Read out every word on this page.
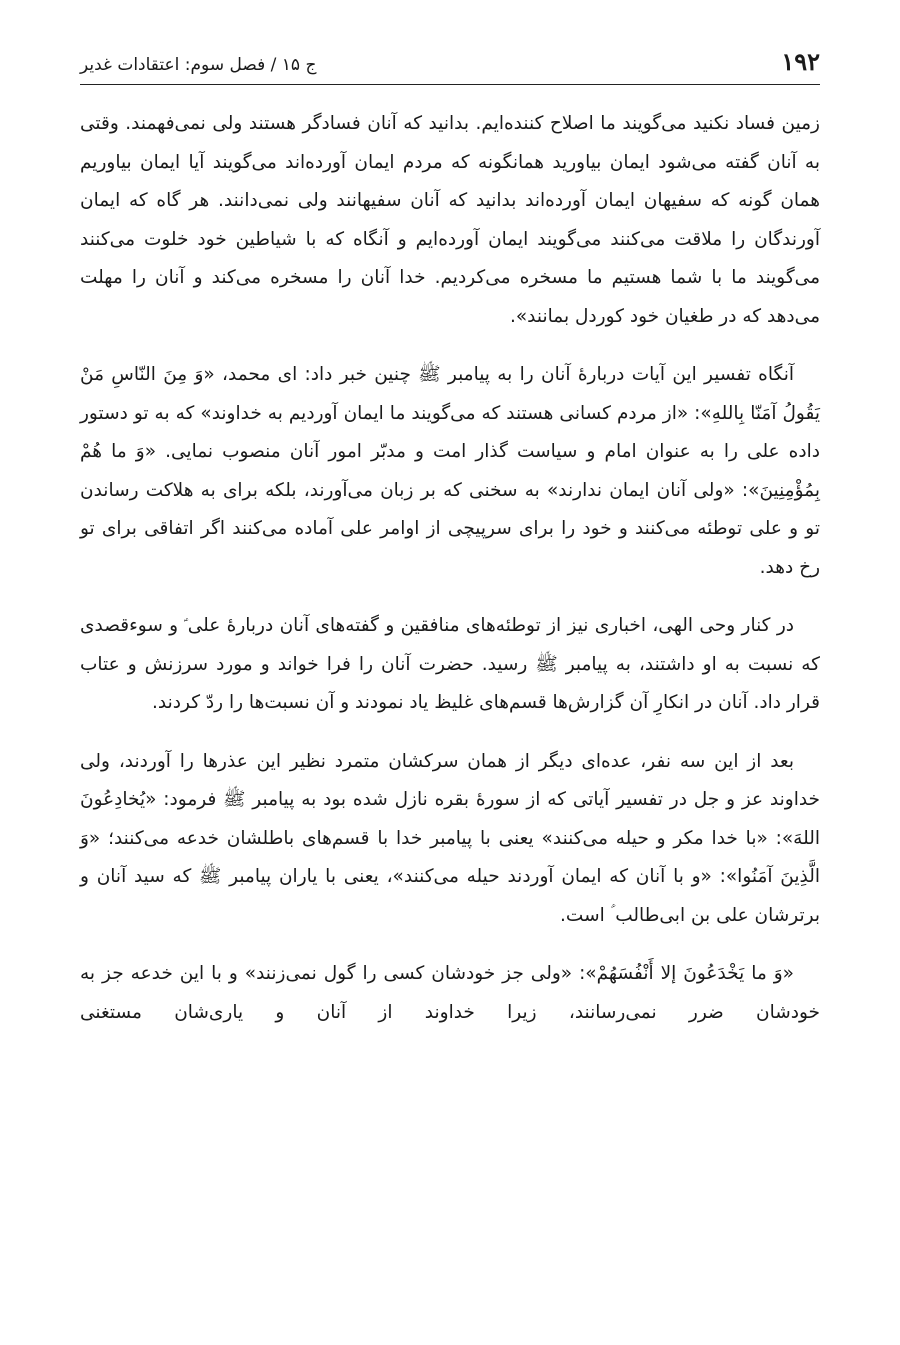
۱۹۲
ج ۱۵ / فصل سوم: اعتقادات غدیر

زمین فساد نکنید می‌گویند ما اصلاح کننده‌ایم. بدانید که آنان فسادگر هستند ولی نمی‌فهمند. وقتی به آنان گفته می‌شود ایمان بیاورید همانگونه که مردم ایمان آورده‌اند می‌گویند آیا ایمان بیاوریم همان گونه که سفیهان ایمان آورده‌اند بدانید که آنان سفیهانند ولی نمی‌دانند. هر گاه که ایمان آورندگان را ملاقت می‌کنند می‌گویند ایمان آورده‌ایم و آنگاه که با شیاطین خود خلوت می‌کنند می‌گویند ما با شما هستیم ما مسخره می‌کردیم. خدا آنان را مسخره می‌کند و آنان را مهلت می‌دهد که در طغیان خود کوردل بمانند».

آنگاه تفسیر این آیات دربارهٔ آنان را به پیامبر ﷺ چنین خبر داد: ای محمد، «وَ مِنَ النّاسِ مَنْ یَقُولُ آمَنّا بِاللهِ»: «از مردم کسانی هستند که می‌گویند ما ایمان آوردیم به خداوند» که به تو دستور داده علی را به عنوان امام و سیاست گذار امت و مدبّر امور آنان منصوب نمایی. «وَ ما هُمْ بِمُؤْمِنِینَ»: «ولی آنان ایمان ندارند» به سخنی که بر زبان می‌آورند، بلکه برای به هلاکت رساندن تو و علی توطئه می‌کنند و خود را برای سرپیچی از اوامر علی آماده می‌کنند اگر اتفاقی برای تو رخ دهد.

در کنار وحی الهی، اخباری نیز از توطئه‌های منافقین و گفته‌های آنان دربارهٔ علی ؑ و سوءقصدی که نسبت به او داشتند، به پیامبر ﷺ رسید. حضرت آنان را فرا خواند و مورد سرزنش و عتاب قرار داد. آنان در انکارِ آن گزارش‌ها قسم‌های غلیظ یاد نمودند و آن نسبت‌ها را ردّ کردند.

بعد از این سه نفر، عده‌ای دیگر از همان سرکشان متمرد نظیر این عذرها را آوردند، ولی خداوند عز و جل در تفسیر آیاتی که از سورهٔ بقره نازل شده بود به پیامبر ﷺ فرمود: «یُخادِعُونَ اللهَ»: «با خدا مکر و حیله می‌کنند» یعنی با پیامبر خدا با قسم‌های باطلشان خدعه می‌کنند؛ «وَ الَّذِینَ آمَنُوا»: «و با آنان که ایمان آوردند حیله می‌کنند»، یعنی با یاران پیامبر ﷺ که سید آنان و برترشان علی بن ابی‌طالب ؑ است.

«وَ ما یَخْدَعُونَ إلا أَنْفُسَهُمْ»: «ولی جز خودشان کسی را گول نمی‌زنند» و با این خدعه جز به خودشان ضرر نمی‌رسانند، زیرا خداوند از آنان و یاری‌شان مستغنی
